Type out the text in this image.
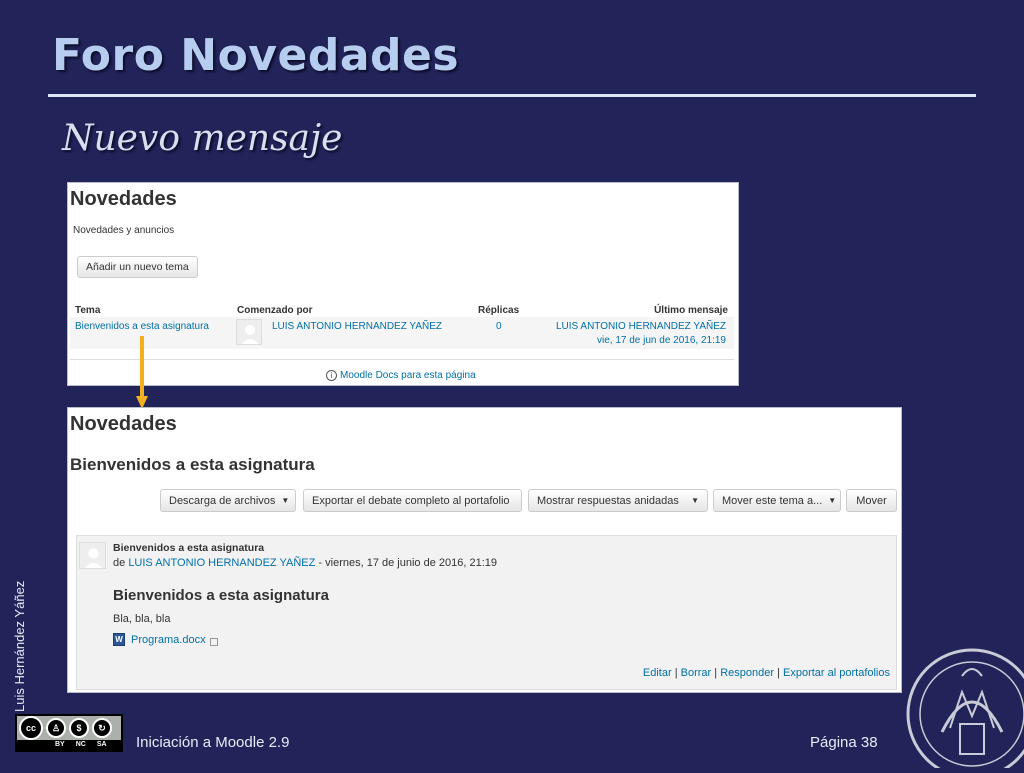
Foro Novedades
Nuevo mensaje
Novedades
Novedades y anuncios
Añadir un nuevo tema
Tema	Comenzado por	Réplicas	Último mensaje
Bienvenidos a esta asignatura	LUIS ANTONIO HERNANDEZ YAÑEZ	0	LUIS ANTONIO HERNANDEZ YAÑEZ
vie, 17 de jun de 2016, 21:19
i Moodle Docs para esta página
Novedades
Bienvenidos a esta asignatura
Descarga de archivos ▼	Exportar el debate completo al portafolio	Mostrar respuestas anidadas ▼ Mover este tema a... ▼	Mover
Bienvenidos a esta asignatura
de LUIS ANTONIO HERNANDEZ YAÑEZ - viernes, 17 de junio de 2016, 21:19
Bienvenidos a esta asignatura
Bla, bla, bla
W Programa.docx
Editar | Borrar | Responder | Exportar al portafolios
Luis Hernández Yáñez
cc	♙	$	↻
BY NC SA Iniciación a Moodle 2.9	Página 38
